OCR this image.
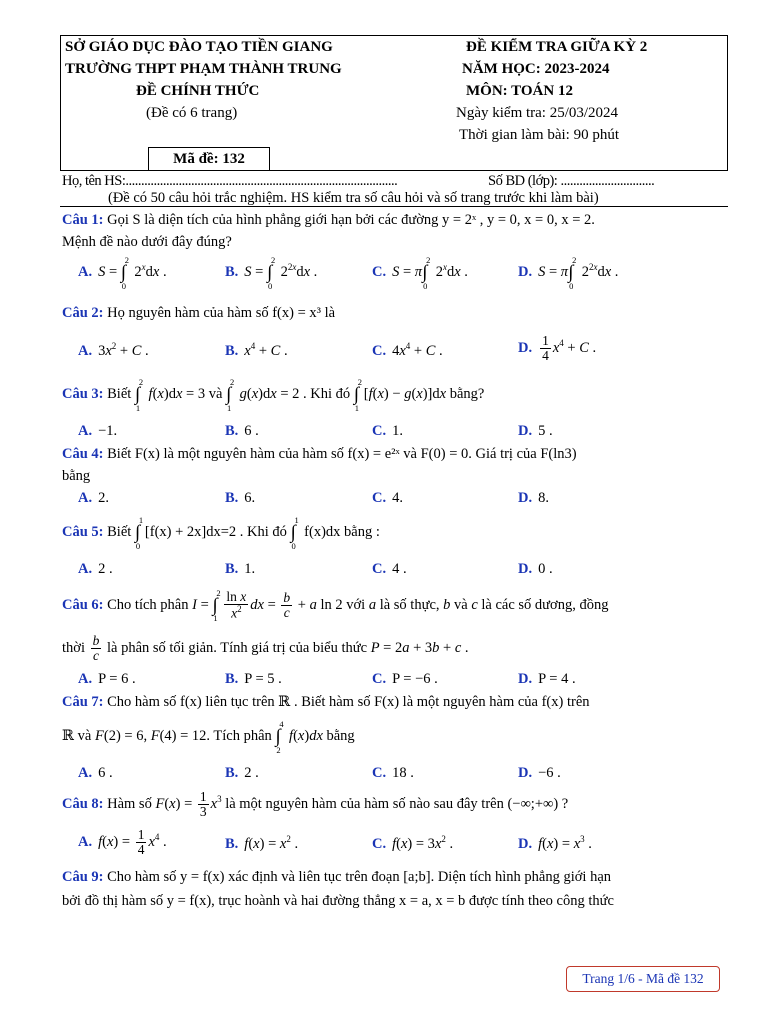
SỞ GIÁO DỤC ĐÀO TẠO TIỀN GIANG
TRƯỜNG THPT PHẠM THÀNH TRUNG
ĐỀ CHÍNH THỨC
(Đề có 6 trang)
ĐỀ KIỂM TRA GIỮA KỲ 2
NĂM HỌC: 2023-2024
MÔN: TOÁN 12
Ngày kiểm tra: 25/03/2024
Thời gian làm bài: 90 phút
Mã đề: 132
Họ, tên HS:.......................................................................................	Số BD (lớp): ..............................
(Đề có 50 câu hỏi trắc nghiệm. HS kiểm tra số câu hỏi và số trang trước khi làm bài)
Câu 1: Gọi S là diện tích của hình phẳng giới hạn bởi các đường y = 2ˣ , y = 0, x = 0, x = 2.
Mệnh đề nào dưới đây đúng?
A. S = ∫
2
0
2$^x$dx .	B. S = ∫
2
0
$2^{2x}dx$ .	C. S = π∫
2
0
2$^x$dx .	D. S = π∫
2
0
$2^{2x}dx$ .
Câu 2: Họ nguyên hàm của hàm số f(x) = x³ là
A. $3x^2 + C$ .	B. $x^4 + C$ .	C. $4x^4 + C$ .	D. $\frac{1}{4} x^4 + C$ .
Câu 3: Biết ∫
2
1
f(x)dx = 3 và ∫
2
1
g(x)dx = 2 . Khi đó ∫
2
1
[f(x) − g(x)]dx bằng?
A. −1.	B. 6 .	C. 1.	D. 5 .
Câu 4: Biết F(x) là một nguyên hàm của hàm số f(x) = e²ˣ và F(0) = 0. Giá trị của F(ln3)
bằng
A. 2.	B. 6.	C. 4.	D. 8.
Câu 5: Biết ∫
1
0
[f(x) + 2x]dx=2 . Khi đó ∫
1
0
f(x)dx bằng :
A. 2 .	B. 1.	C. 4 .	D. 0 .
Câu 6: Cho tích phân I = ∫
2
$1 \frac{\text{ln x}}{x^2}$ dx = $\frac{b}{c} + a$ ln 2 với a là số thực, b và c là các số dương, đồng
thời $\frac{b}{c}$ là phân số tối giản. Tính giá trị của biểu thức P = 2a + 3b + c .
A. P = 6 .	B. P = 5 .	C. P = −6 .	D. P = 4 .
Câu 7: Cho hàm số f(x) liên tục trên ℝ . Biết hàm số F(x) là một nguyên hàm của f(x) trên
ℝ và F(2) = 6, F(4) = 12. Tích phân ∫
4
2
f(x)dx bằng
A. 6 .	B. 2 .	C. 18 .	D. −6 .
Câu 8: Hàm số $F(x) = \frac{1}{3} x^3$ là một nguyên hàm của hàm số nào sau đây trên (−∞;+∞) ?
A. $f(x) = \frac{1}{4} x^4$ .	B. $f(x) = x^2$ .	C. $f(x) = 3x^2$ .	D. $f(x) = x^3$ .
Câu 9: Cho hàm số y = f(x) xác định và liên tục trên đoạn [a;b]. Diện tích hình phẳng giới hạn
bởi đồ thị hàm số y = f(x), trục hoành và hai đường thẳng x = a, x = b được tính theo công thức
Trang 1/6 - Mã đề 132
